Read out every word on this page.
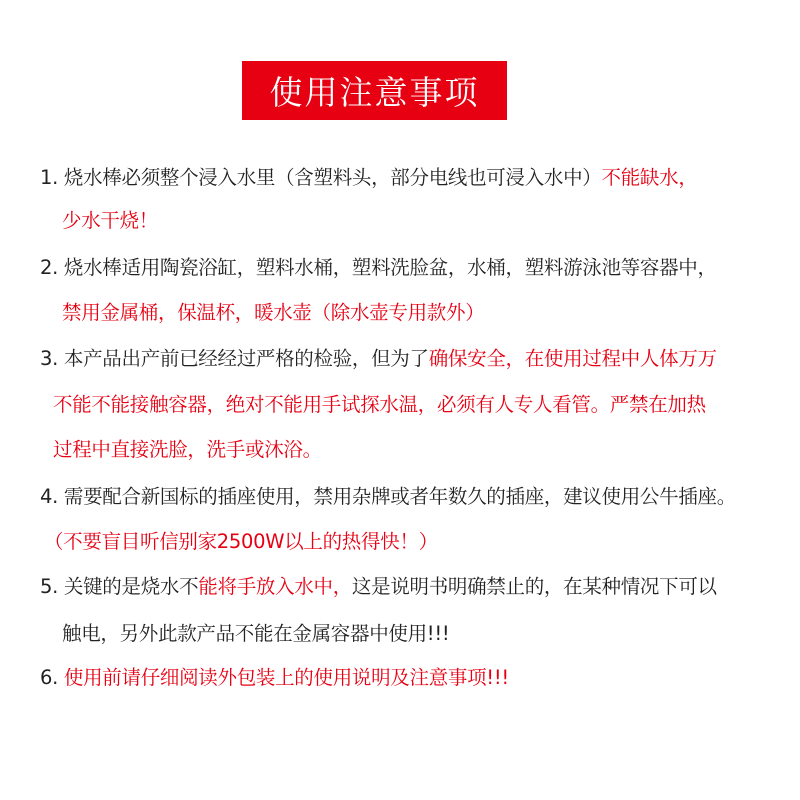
使用注意事项
1. 烧水棒必须整个浸入水里（含塑料头，部分电线也可浸入水中）不能缺水，
少水干烧！
2. 烧水棒适用陶瓷浴缸，塑料水桶，塑料洗脸盆，水桶，塑料游泳池等容器中，
禁用金属桶，保温杯，暖水壶（除水壶专用款外）
3. 本产品出产前已经经过严格的检验，但为了确保安全，在使用过程中人体万万
不能不能接触容器，绝对不能用手试探水温，必须有人专人看管。严禁在加热
过程中直接洗脸，洗手或沐浴。
4. 需要配合新国标的插座使用，禁用杂牌或者年数久的插座，建议使用公牛插座。
（不要盲目听信别家2500W以上的热得快！）
5. 关键的是烧水不能将手放入水中，这是说明书明确禁止的，在某种情况下可以
触电，另外此款产品不能在金属容器中使用!!!
6. 使用前请仔细阅读外包装上的使用说明及注意事项!!!
